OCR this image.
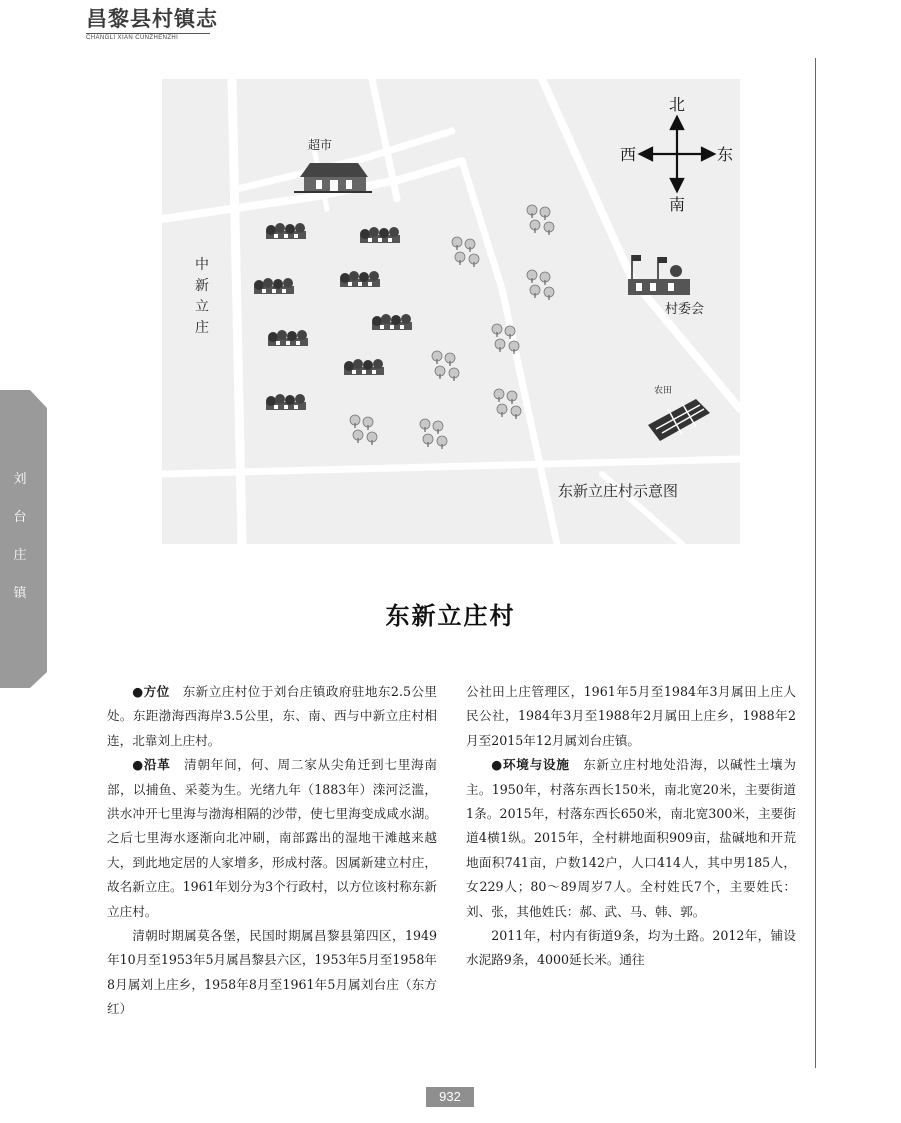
昌黎县村镇志
CHANGLI XIAN CUNZHENZHI
刘
台
庄
镇
北
南
西	东
超市
村委会
农田
中
新
立
庄
东新立庄村示意图
东新立庄村

●方位　东新立庄村位于刘台庄镇政府驻地东2.5公里处。东距渤海西海岸3.5公里，东、南、西与中新立庄村相连，北靠刘上庄村。

●沿革　清朝年间，何、周二家从尖角迁到七里海南部，以捕鱼、采菱为生。光绪九年（1883年）滦河泛滥，洪水冲开七里海与渤海相隔的沙带，使七里海变成咸水湖。之后七里海水逐渐向北冲刷，南部露出的湿地干滩越来越大，到此地定居的人家增多，形成村落。因属新建立村庄，故名新立庄。1961年划分为3个行政村，以方位该村称东新立庄村。

清朝时期属莫各堡，民国时期属昌黎县第四区，1949年10月至1953年5月属昌黎县六区，1953年5月至1958年8月属刘上庄乡，1958年8月至1961年5月属刘台庄（东方红）

公社田上庄管理区，1961年5月至1984年3月属田上庄人民公社，1984年3月至1988年2月属田上庄乡，1988年2月至2015年12月属刘台庄镇。

●环境与设施　东新立庄村地处沿海，以碱性土壤为主。1950年，村落东西长150米，南北宽20米，主要街道1条。2015年，村落东西长650米，南北宽300米，主要街道4横1纵。2015年，全村耕地面积909亩，盐碱地和开荒地面积741亩，户数142户，人口414人，其中男185人，女229人；80～89周岁7人。全村姓氏7个，主要姓氏：刘、张，其他姓氏：郝、武、马、韩、郭。

2011年，村内有街道9条，均为土路。2012年，铺设水泥路9条，4000延长米。通往

932
